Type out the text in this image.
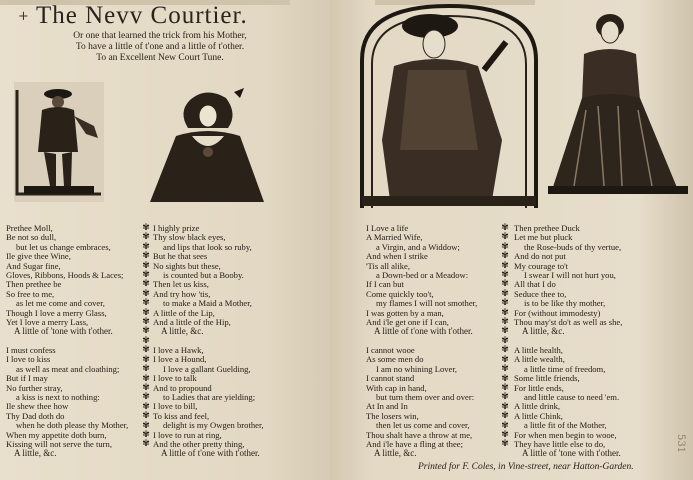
+ The Nevv Courtier.
Or one that learned the trick from his Mother,
To have a little of t'one and a little of t'other.
To an Excellent New Court Tune.
✾
✾
✾
✾
✾
✾
✾
✾
✾
✾
✾
✾
✾
✾
✾
✾
✾
✾
✾
✾
✾
✾
✾
✾
✾
✾
✾
✾
✾
✾
✾
✾
✾
✾
✾
✾
✾
✾
✾
✾
✾
✾
✾
✾
✾
✾
✾
✾
Prethee Moll,
Be not so dull,
but let us change embraces,
Ile give thee Wine,
And Sugar fine,
Gloves, Ribbons, Hoods & Laces;
Then prethee be
So free to me,
as let me come and cover,
Though I love a merry Glass,
Yet I love a merry Lass,
A little of 'tone with t'other.
I must confess
I love to kiss
as well as meat and cloathing;
But if I may
No further stray,
a kiss is next to nothing:
Ile shew thee how
Thy Dad doth do
when he doth please thy Mother,
When my appetite doth burn,
Kissing will not serve the turn,
A little, &c.
I highly prize
Thy slow black eyes,
and lips that look so ruby,
But he that sees
No sights but these,
is counted but a Booby.
Then let us kiss,
And try how 'tis,
to make a Maid a Mother,
A little of the Lip,
And a little of the Hip,
A little, &c.
I love a Hawk,
I love a Hound,
I love a gallant Guelding,
I love to talk
And to propound
to Ladies that are yielding;
I love to bill,
To kiss and feel,
delight is my Owgen brother,
I love to run at ring,
And the other pretty thing,
A little of t'one with t'other.
I Love a life
A Married Wife,
a Virgin, and a Widdow;
And when I strike
'Tis all alike,
a Down-bed or a Meadow:
If I can but
Come quickly too't,
my flames I will not smother,
I was gotten by a man,
And i'le get one if I can,
A little of t'one with t'other.
I cannot wooe
As some men do
I am no whining Lover,
I cannot stand
With cap in hand,
but turn them over and over:
At In and In
The losers win,
then let us come and cover,
Thou shalt have a throw at me,
And i'le have a fling at thee;
A little, &c.
Then prethee Duck
Let me but pluck
the Rose-buds of thy vertue,
And do not put
My courage to't
I swear I will not hurt you,
All that I do
Seduce thee to,
is to be like thy mother,
For (without immodesty)
Thou may'st do't as well as she,
A little, &c.
A little health,
A little wealth,
a little time of freedom,
Some little friends,
For little ends,
and little cause to need 'em.
A little drink,
A little Chink,
a little fit of the Mother,
For when men begin to wooe,
They have little else to do,
A little of 'tone with t'other.
Printed for F. Coles, in Vine-street, near Hatton-Garden.
531
